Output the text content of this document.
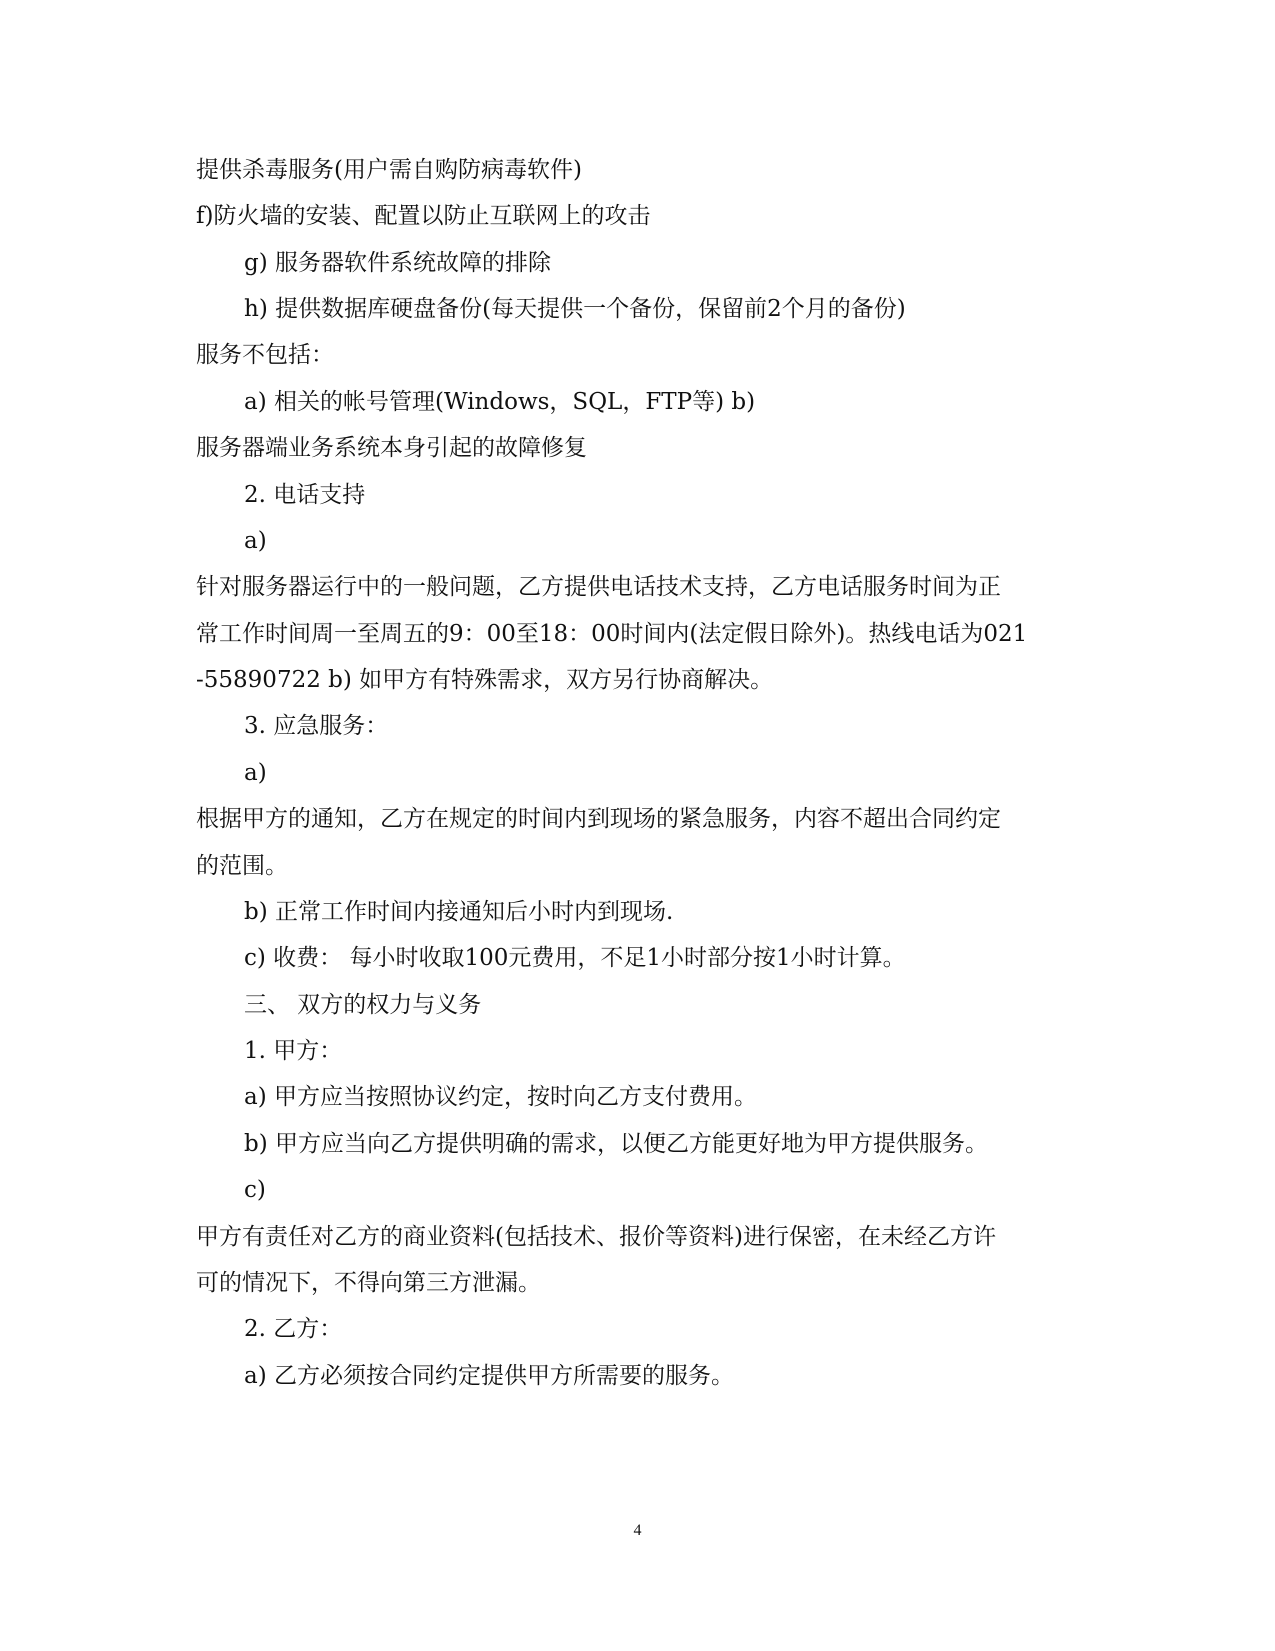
提供杀毒服务(用户需自购防病毒软件)
f)防火墙的安装、配置以防止互联网上的攻击
g) 服务器软件系统故障的排除
h) 提供数据库硬盘备份(每天提供一个备份，保留前2个月的备份)
服务不包括：
a) 相关的帐号管理(Windows，SQL，FTP等) b)
服务器端业务系统本身引起的故障修复
2. 电话支持
a)
针对服务器运行中的一般问题，乙方提供电话技术支持，乙方电话服务时间为正
常工作时间周一至周五的9：00至18：00时间内(法定假日除外)。热线电话为021
-55890722 b) 如甲方有特殊需求，双方另行协商解决。
3. 应急服务：
a)
根据甲方的通知，乙方在规定的时间内到现场的紧急服务，内容不超出合同约定
的范围。
b) 正常工作时间内接通知后小时内到现场.
c) 收费： 每小时收取100元费用，不足1小时部分按1小时计算。
三、 双方的权力与义务
1. 甲方：
a) 甲方应当按照协议约定，按时向乙方支付费用。
b) 甲方应当向乙方提供明确的需求，以便乙方能更好地为甲方提供服务。
c)
甲方有责任对乙方的商业资料(包括技术、报价等资料)进行保密，在未经乙方许
可的情况下，不得向第三方泄漏。
2. 乙方：
a) 乙方必须按合同约定提供甲方所需要的服务。
4
